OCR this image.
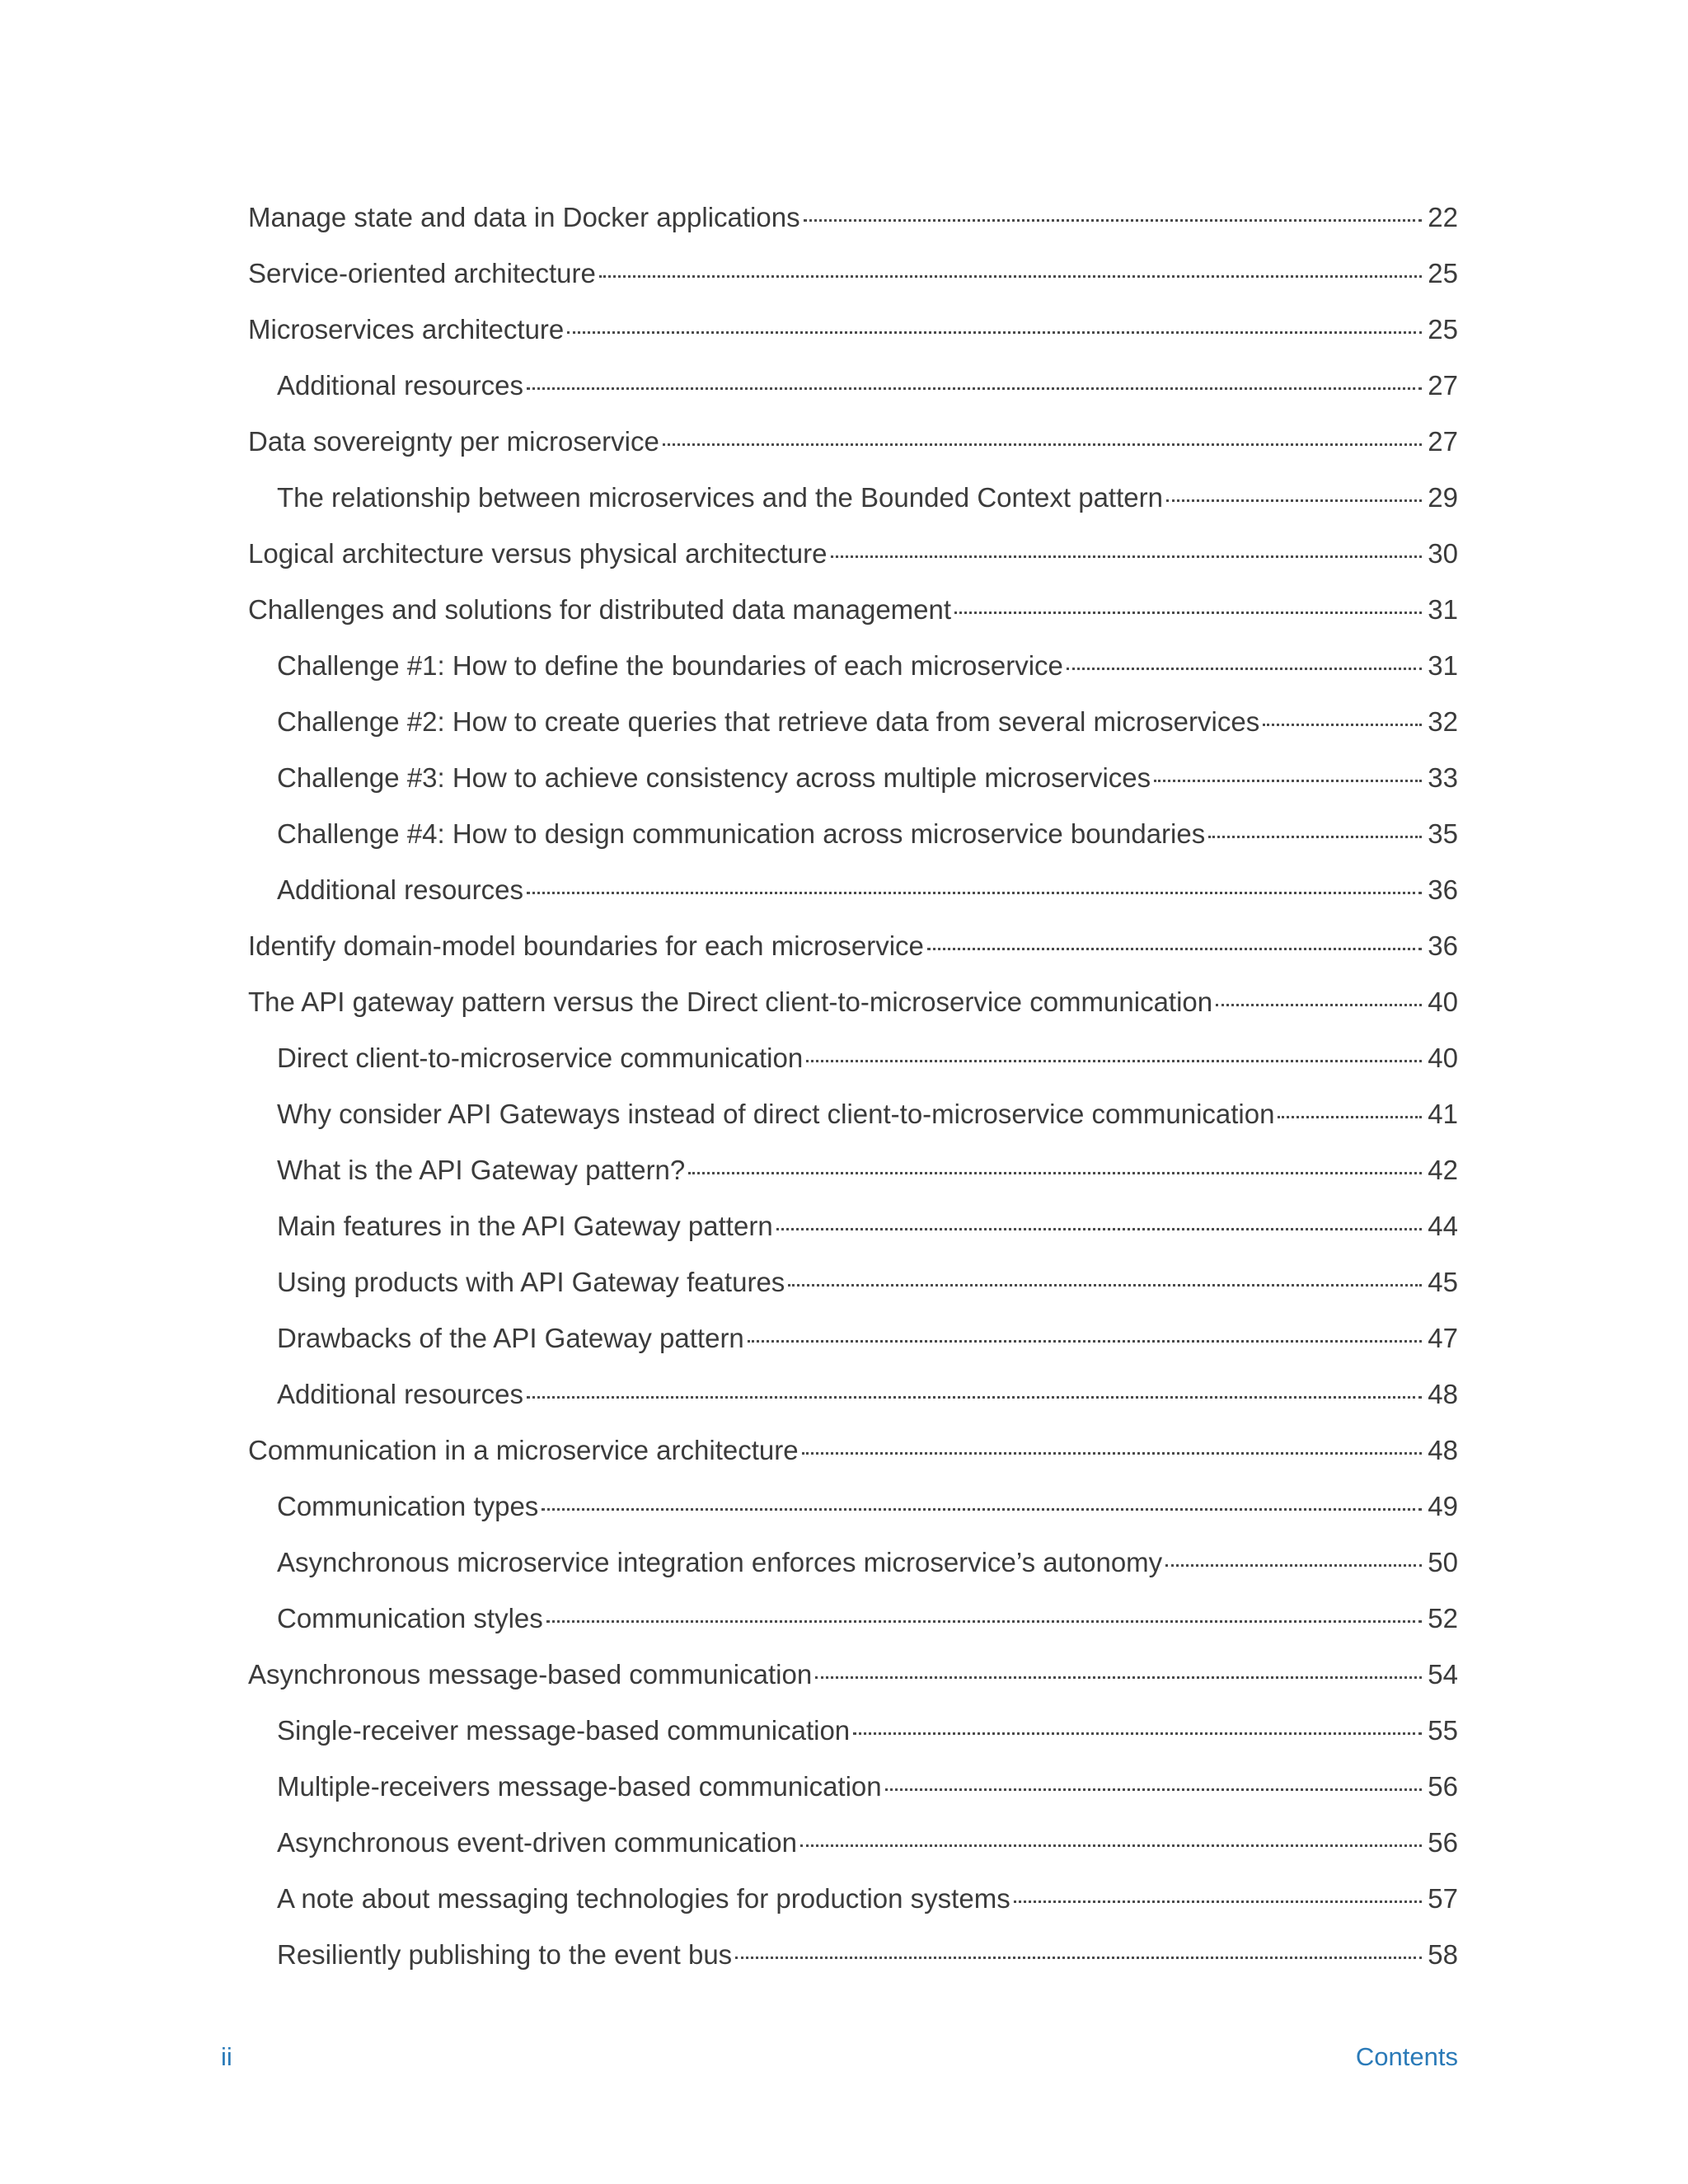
Manage state and data in Docker applications	22
Service-oriented architecture	25
Microservices architecture	25
Additional resources	27
Data sovereignty per microservice	27
The relationship between microservices and the Bounded Context pattern	29
Logical architecture versus physical architecture	30
Challenges and solutions for distributed data management	31
Challenge #1: How to define the boundaries of each microservice	31
Challenge #2: How to create queries that retrieve data from several microservices	32
Challenge #3: How to achieve consistency across multiple microservices	33
Challenge #4: How to design communication across microservice boundaries	35
Additional resources	36
Identify domain-model boundaries for each microservice	36
The API gateway pattern versus the Direct client-to-microservice communication	40
Direct client-to-microservice communication	40
Why consider API Gateways instead of direct client-to-microservice communication	41
What is the API Gateway pattern?	42
Main features in the API Gateway pattern	44
Using products with API Gateway features	45
Drawbacks of the API Gateway pattern	47
Additional resources	48
Communication in a microservice architecture	48
Communication types	49
Asynchronous microservice integration enforces microservice’s autonomy	50
Communication styles	52
Asynchronous message-based communication	54
Single-receiver message-based communication	55
Multiple-receivers message-based communication	56
Asynchronous event-driven communication	56
A note about messaging technologies for production systems	57
Resiliently publishing to the event bus	58
ii	Contents
